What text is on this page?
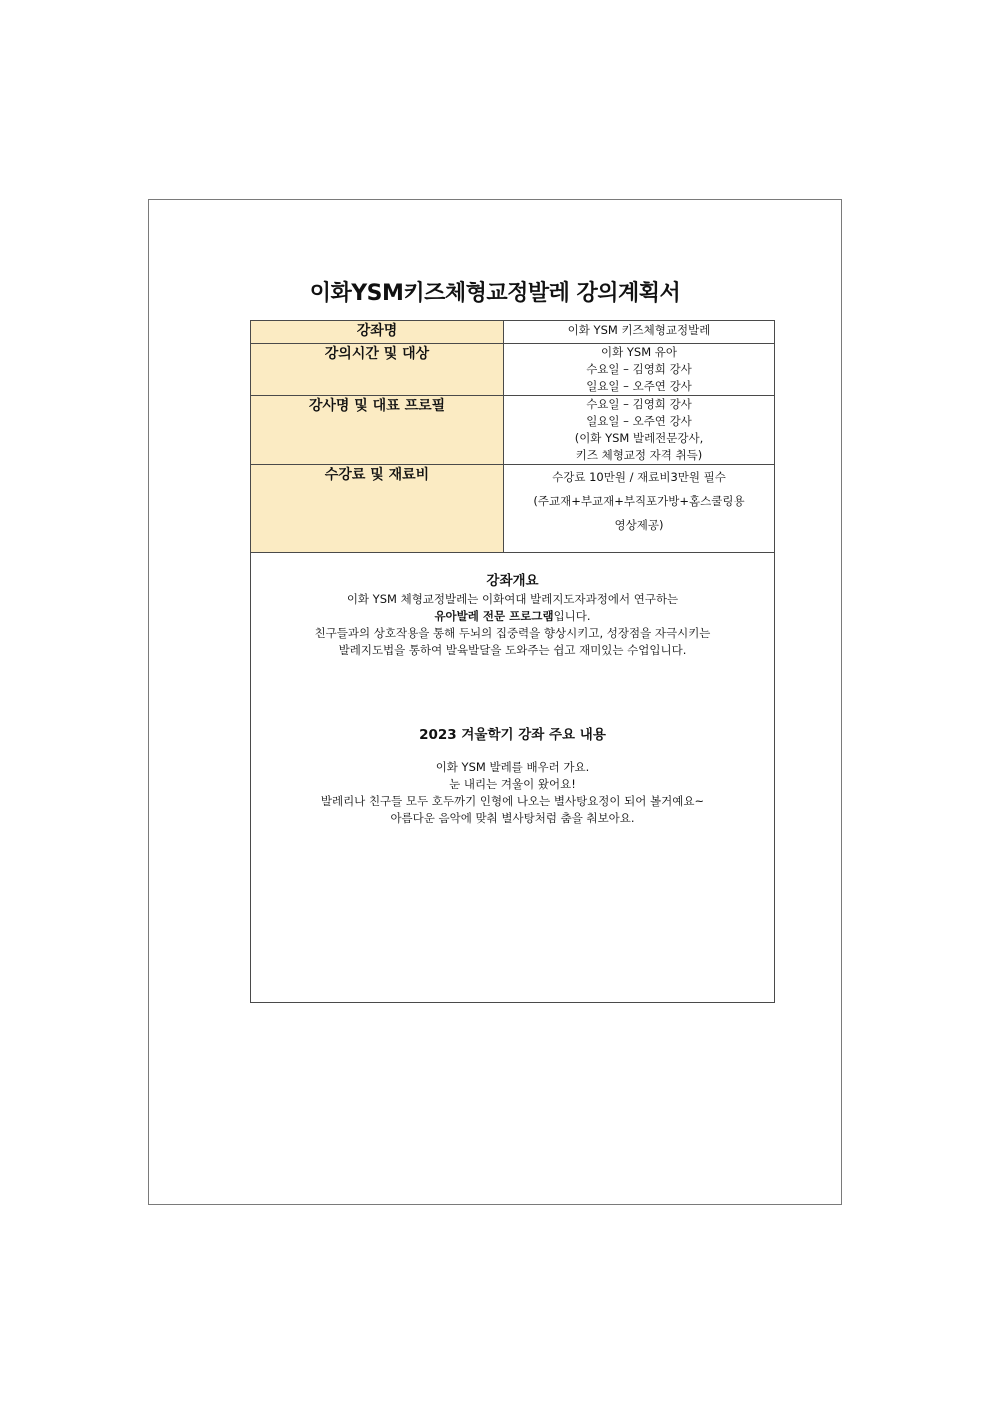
이화YSM키즈체형교정발레 강의계획서
강좌명	이화 YSM 키즈체형교정발레

강의시간 및 대상	이화 YSM 유아
수요일 – 김영희 강사
일요일 – 오주연 강사

강사명 및 대표 프로필	수요일 – 김영희 강사
일요일 – 오주연 강사
(이화 YSM 발레전문강사,
키즈 체형교정 자격 취득)

수강료 및 재료비	수강료 10만원 / 재료비3만원 필수
(주교재+부교재+부직포가방+홈스쿨링용
영상제공)
강좌개요
이화 YSM 체형교정발레는 이화여대 발레지도자과정에서 연구하는
유아발레 전문 프로그램입니다.
친구들과의 상호작용을 통해 두뇌의 집중력을 향상시키고, 성장점을 자극시키는
발레지도법을 통하여 발육발달을 도와주는 쉽고 재미있는 수업입니다.
2023 겨울학기 강좌 주요 내용
이화 YSM 발레를 배우러 가요.
눈 내리는 겨울이 왔어요!
발레리나 친구들 모두 호두까기 인형에 나오는 별사탕요정이 되어 볼거예요~
아름다운 음악에 맞춰 별사탕처럼 춤을 춰보아요.
